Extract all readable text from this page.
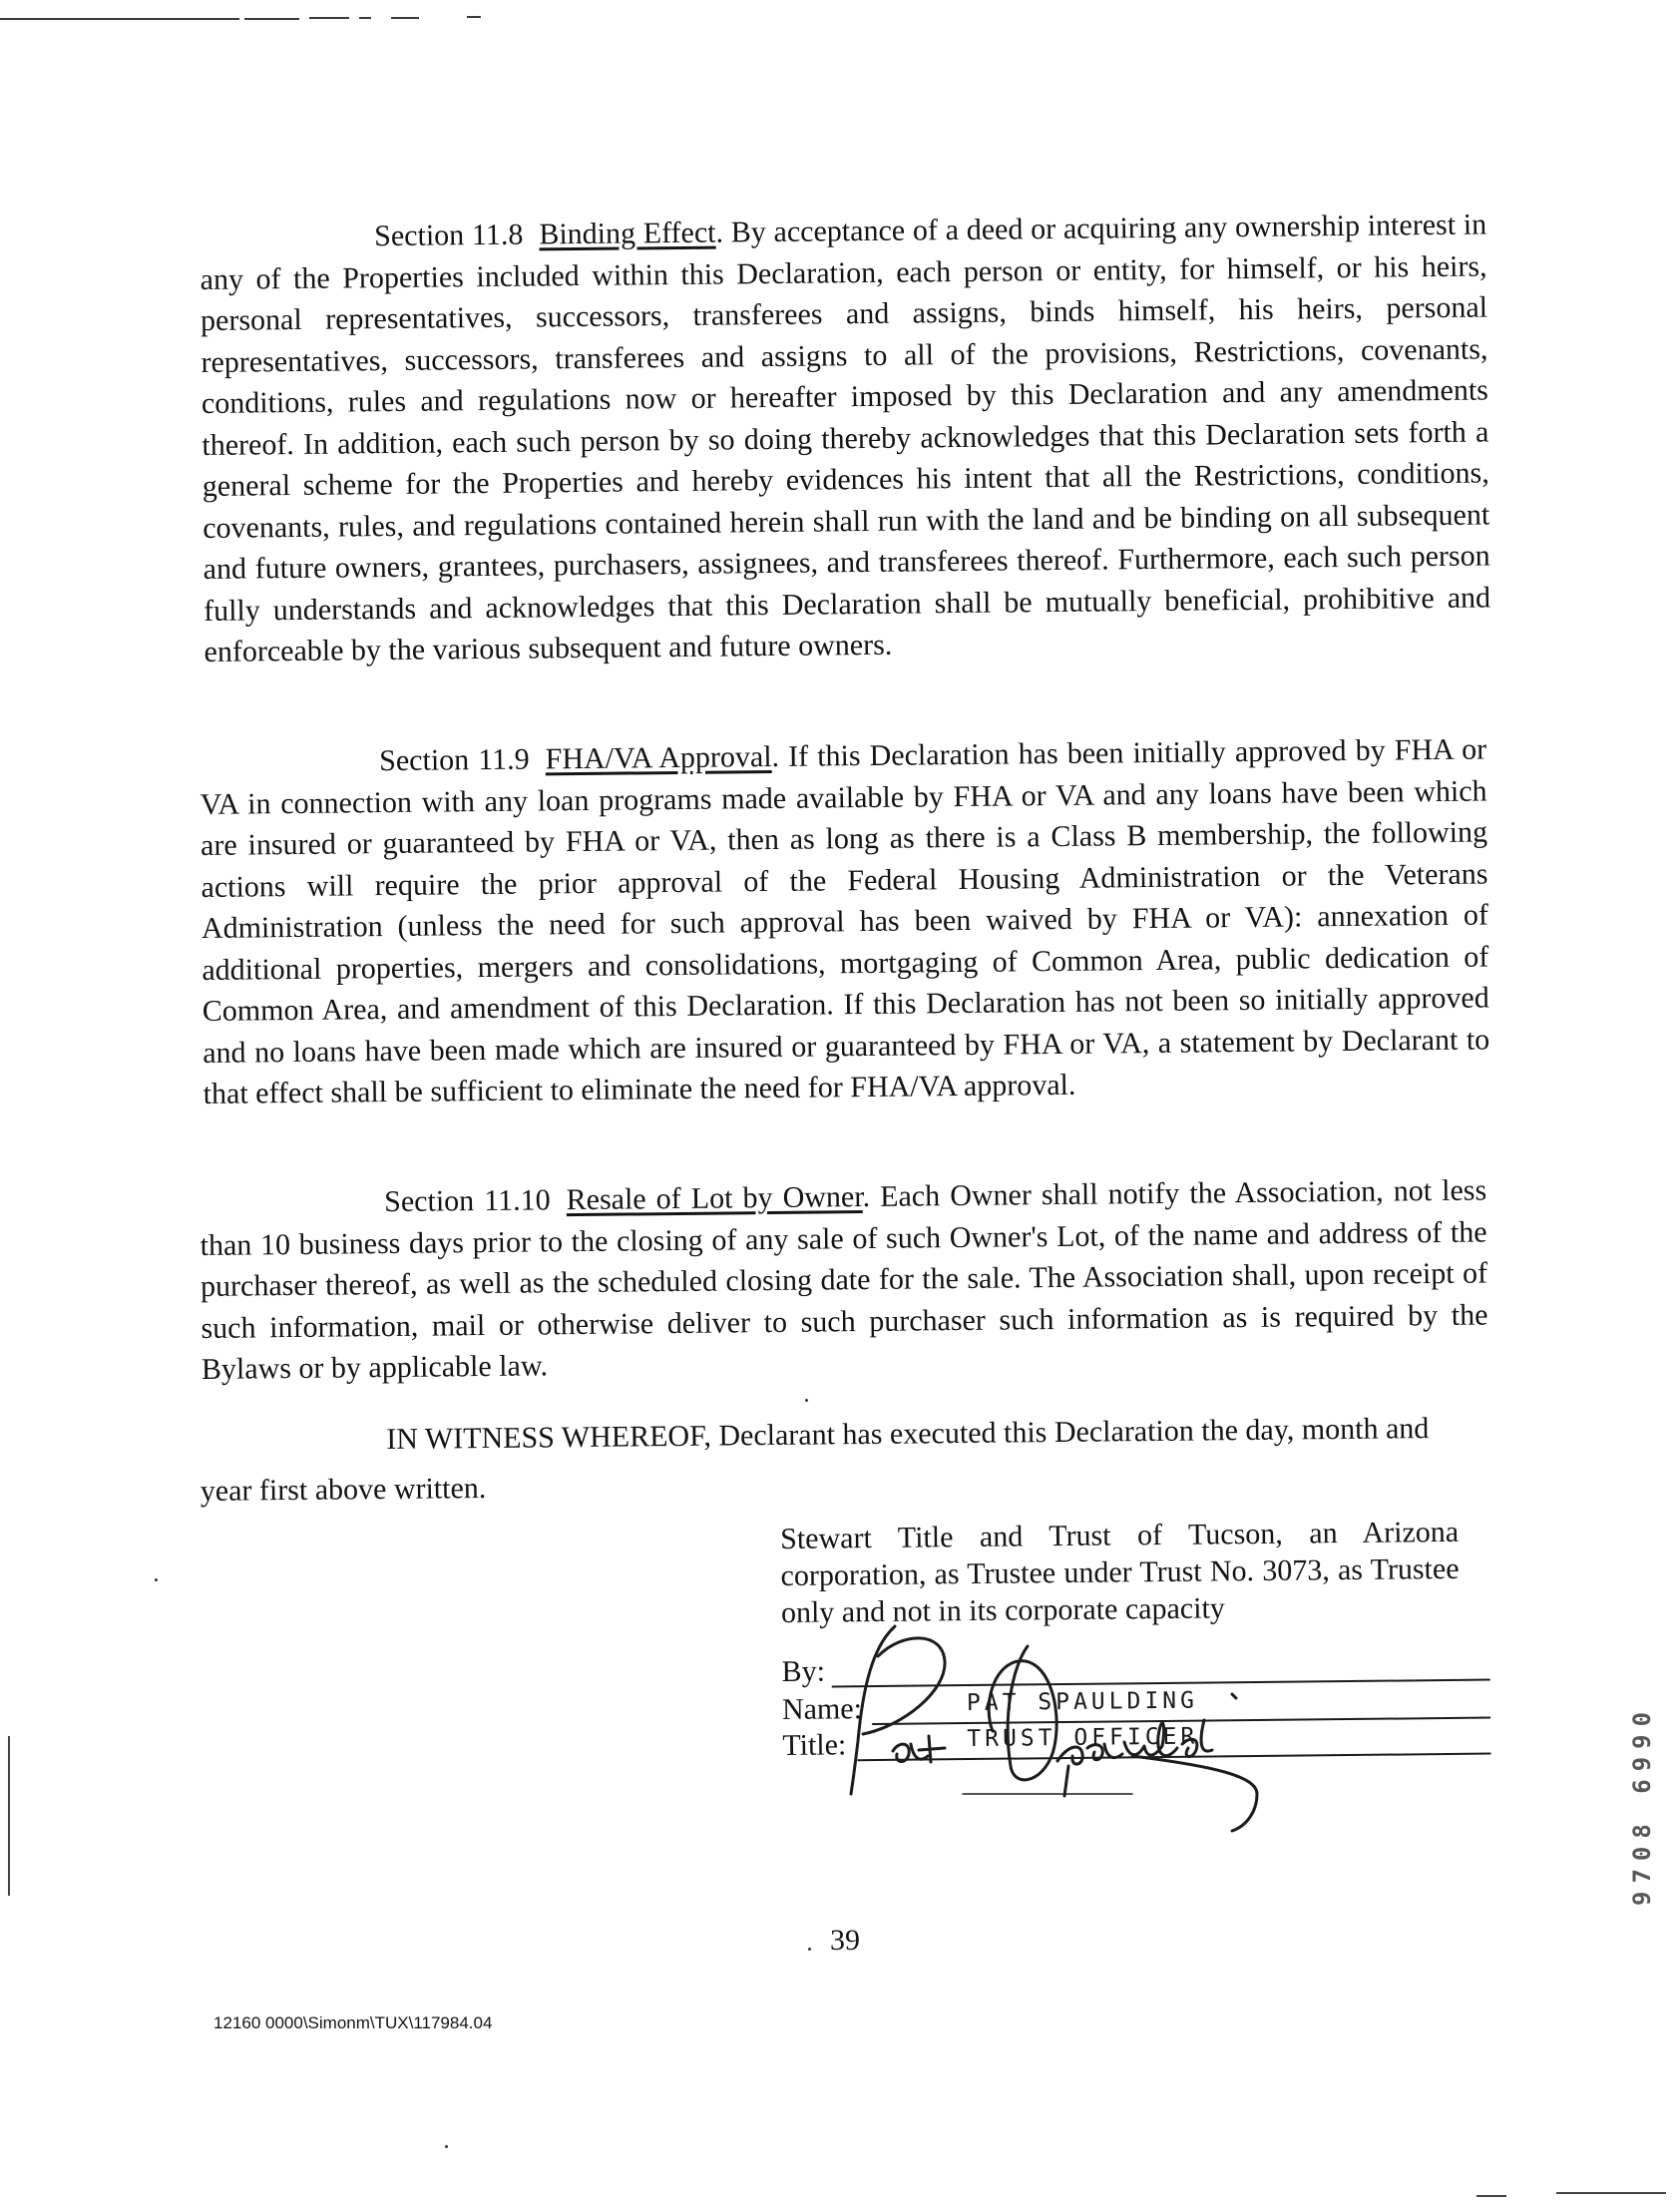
Section 11.8 Binding Effect. By acceptance of a deed or acquiring any ownership interest in any of the Properties included within this Declaration, each person or entity, for himself, or his heirs, personal representatives, successors, transferees and assigns, binds himself, his heirs, personal representatives, successors, transferees and assigns to all of the provisions, Restrictions, covenants, conditions, rules and regulations now or hereafter imposed by this Declaration and any amendments thereof. In addition, each such person by so doing thereby acknowledges that this Declaration sets forth a general scheme for the Properties and hereby evidences his intent that all the Restrictions, conditions, covenants, rules, and regulations contained herein shall run with the land and be binding on all subsequent and future owners, grantees, purchasers, assignees, and transferees thereof. Furthermore, each such person fully understands and acknowledges that this Declaration shall be mutually beneficial, prohibitive and enforceable by the various subsequent and future owners.
Section 11.9 FHA/VA Approval. If this Declaration has been initially approved by FHA or VA in connection with any loan programs made available by FHA or VA and any loans have been which are insured or guaranteed by FHA or VA, then as long as there is a Class B membership, the following actions will require the prior approval of the Federal Housing Administration or the Veterans Administration (unless the need for such approval has been waived by FHA or VA): annexation of additional properties, mergers and consolidations, mortgaging of Common Area, public dedication of Common Area, and amendment of this Declaration. If this Declaration has not been so initially approved and no loans have been made which are insured or guaranteed by FHA or VA, a statement by Declarant to that effect shall be sufficient to eliminate the need for FHA/VA approval.
Section 11.10 Resale of Lot by Owner. Each Owner shall notify the Association, not less than 10 business days prior to the closing of any sale of such Owner's Lot, of the name and address of the purchaser thereof, as well as the scheduled closing date for the sale. The Association shall, upon receipt of such information, mail or otherwise deliver to such purchaser such information as is required by the Bylaws or by applicable law.
IN WITNESS WHEREOF, Declarant has executed this Declaration the day, month and
year first above written.
Stewart Title and Trust of Tucson, an Arizona corporation, as Trustee under Trust No. 3073, as Trustee only and not in its corporate capacity
By:
Name:	PAT SPAULDING
Title:	TRUST OFFICER
39
12160 0000\Simonm\TUX\117984.04
9708 6990
